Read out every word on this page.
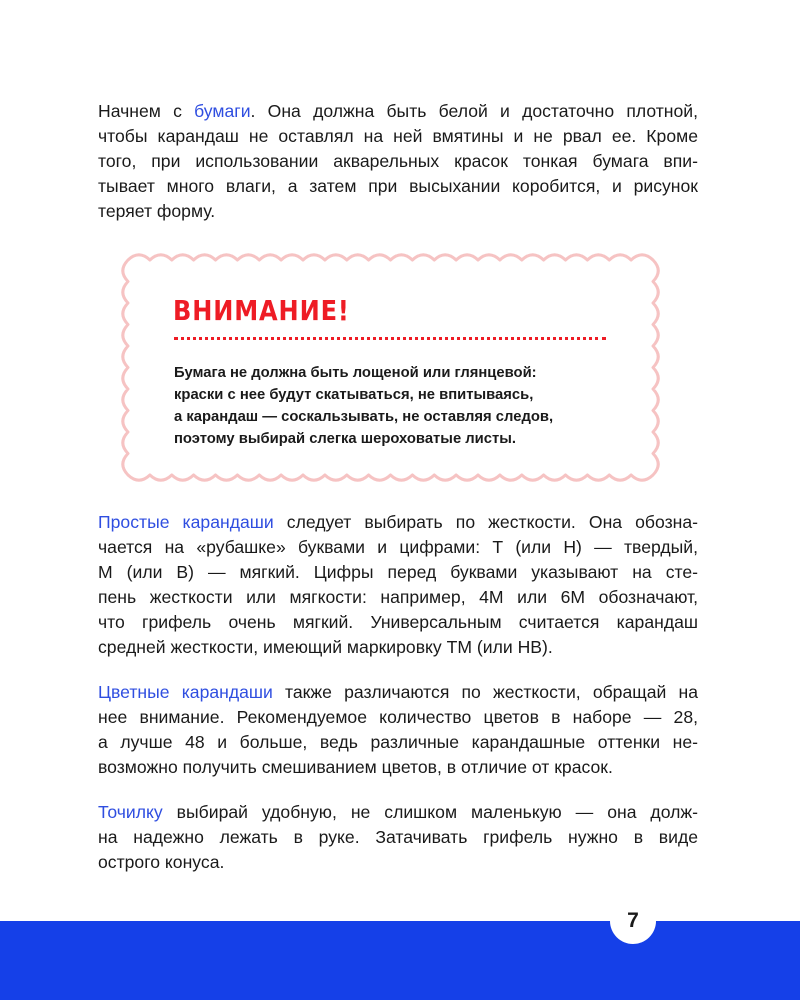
Начнем с бумаги. Она должна быть белой и достаточно плотной,
чтобы карандаш не оставлял на ней вмятины и не рвал ее. Кроме
того, при использовании акварельных красок тонкая бумага впи-
тывает много влаги, а затем при высыхании коробится, и рисунок
теряет форму.

ВНИМАНИЕ!

Бумага не должна быть лощеной или глянцевой:
краски с нее будут скатываться, не впитываясь,
а карандаш — соскальзывать, не оставляя следов,
поэтому выбирай слегка шероховатые листы.

Простые карандаши следует выбирать по жесткости. Она обозна-
чается на «рубашке» буквами и цифрами: Т (или Н) — твердый,
М (или В) — мягкий. Цифры перед буквами указывают на сте-
пень жесткости или мягкости: например, 4М или 6М обозначают,
что грифель очень мягкий. Универсальным считается карандаш
средней жесткости, имеющий маркировку ТМ (или НВ).

Цветные карандаши также различаются по жесткости, обращай на
нее внимание. Рекомендуемое количество цветов в наборе — 28,
а лучше 48 и больше, ведь различные карандашные оттенки не-
возможно получить смешиванием цветов, в отличие от красок.

Точилку выбирай удобную, не слишком маленькую — она долж-
на надежно лежать в руке. Затачивать грифель нужно в виде
острого конуса.

7
